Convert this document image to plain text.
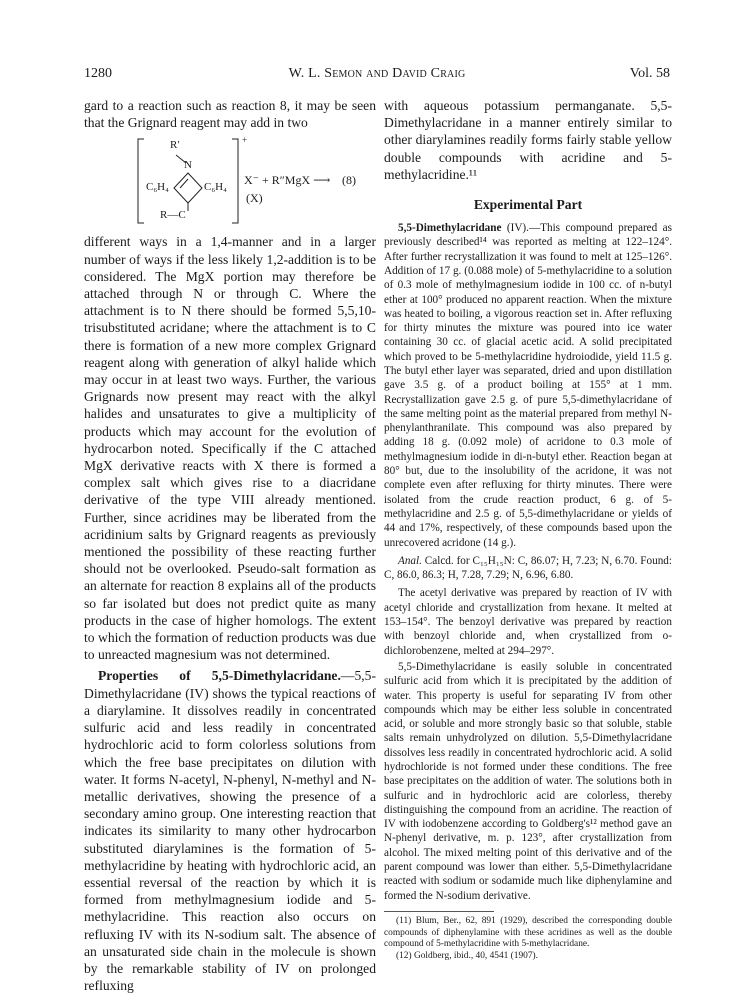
1280	W. L. Semon and David Craig	Vol. 58

gard to a reaction such as reaction 8, it may be seen that the Grignard reagent may add in two

R′
N
C₆H₄	C₆H₄
R—C
+
X⁻ + R″MgX ⟶
(X)
(8)

different ways in a 1,4-manner and in a larger number of ways if the less likely 1,2-addition is to be considered. The MgX portion may therefore be attached through N or through C. Where the attachment is to N there should be formed 5,5,10-trisubstituted acridane; where the attachment is to C there is formation of a new more complex Grignard reagent along with generation of alkyl halide which may occur in at least two ways. Further, the various Grignards now present may react with the alkyl halides and unsaturates to give a multiplicity of products which may account for the evolution of hydrocarbon noted. Specifically if the C attached MgX derivative reacts with X there is formed a complex salt which gives rise to a diacridane derivative of the type VIII already mentioned. Further, since acridines may be liberated from the acridinium salts by Grignard reagents as previously mentioned the possibility of these reacting further should not be overlooked. Pseudo-salt formation as an alternate for reaction 8 explains all of the products so far isolated but does not predict quite as many products in the case of higher homologs. The extent to which the formation of reduction products was due to unreacted magnesium was not determined.

Properties of 5,5-Dimethylacridane.—5,5-Dimethylacridane (IV) shows the typical reactions of a diarylamine. It dissolves readily in concentrated sulfuric acid and less readily in concentrated hydrochloric acid to form colorless solutions from which the free base precipitates on dilution with water. It forms N-acetyl, N-phenyl, N-methyl and N-metallic derivatives, showing the presence of a secondary amino group. One interesting reaction that indicates its similarity to many other hydrocarbon substituted diarylamines is the formation of 5-methylacridine by heating with hydrochloric acid, an essential reversal of the reaction by which it is formed from methylmagnesium iodide and 5-methylacridine. This reaction also occurs on refluxing IV with its N-sodium salt. The absence of an unsaturated side chain in the molecule is shown by the remarkable stability of IV on prolonged refluxing

with aqueous potassium permanganate. 5,5-Dimethylacridane in a manner entirely similar to other diarylamines readily forms fairly stable yellow double compounds with acridine and 5-methylacridine.¹¹

Experimental Part

5,5-Dimethylacridane (IV).—This compound prepared as previously described¹⁴ was reported as melting at 122–124°. After further recrystallization it was found to melt at 125–126°. Addition of 17 g. (0.088 mole) of 5-methylacridine to a solution of 0.3 mole of methylmagnesium iodide in 100 cc. of n-butyl ether at 100° produced no apparent reaction. When the mixture was heated to boiling, a vigorous reaction set in. After refluxing for thirty minutes the mixture was poured into ice water containing 30 cc. of glacial acetic acid. A solid precipitated which proved to be 5-methylacridine hydroiodide, yield 11.5 g. The butyl ether layer was separated, dried and upon distillation gave 3.5 g. of a product boiling at 155° at 1 mm. Recrystallization gave 2.5 g. of pure 5,5-dimethylacridane of the same melting point as the material prepared from methyl N-phenylanthranilate. This compound was also prepared by adding 18 g. (0.092 mole) of acridone to 0.3 mole of methylmagnesium iodide in di-n-butyl ether. Reaction began at 80° but, due to the insolubility of the acridone, it was not complete even after refluxing for thirty minutes. There were isolated from the crude reaction product, 6 g. of 5-methylacridine and 2.5 g. of 5,5-dimethylacridane or yields of 44 and 17%, respectively, of these compounds based upon the unrecovered acridone (14 g.).

Anal. Calcd. for C₁₅H₁₅N: C, 86.07; H, 7.23; N, 6.70. Found: C, 86.0, 86.3; H, 7.28, 7.29; N, 6.96, 6.80.

The acetyl derivative was prepared by reaction of IV with acetyl chloride and crystallization from hexane. It melted at 153–154°. The benzoyl derivative was prepared by reaction with benzoyl chloride and, when crystallized from o-dichlorobenzene, melted at 294–297°.

5,5-Dimethylacridane is easily soluble in concentrated sulfuric acid from which it is precipitated by the addition of water. This property is useful for separating IV from other compounds which may be either less soluble in concentrated acid, or soluble and more strongly basic so that soluble, stable salts remain unhydrolyzed on dilution. 5,5-Dimethylacridane dissolves less readily in concentrated hydrochloric acid. A solid hydrochloride is not formed under these conditions. The free base precipitates on the addition of water. The solutions both in sulfuric and in hydrochloric acid are colorless, thereby distinguishing the compound from an acridine. The reaction of IV with iodobenzene according to Goldberg's¹² method gave an N-phenyl derivative, m. p. 123°, after crystallization from alcohol. The mixed melting point of this derivative and of the parent compound was lower than either. 5,5-Dimethylacridane reacted with sodium or sodamide much like diphenylamine and formed the N-sodium derivative.

(11) Blum, Ber., 62, 891 (1929), described the corresponding double compounds of diphenylamine with these acridines as well as the double compound of 5-methylacridine with 5-methylacridane.

(12) Goldberg, ibid., 40, 4541 (1907).
